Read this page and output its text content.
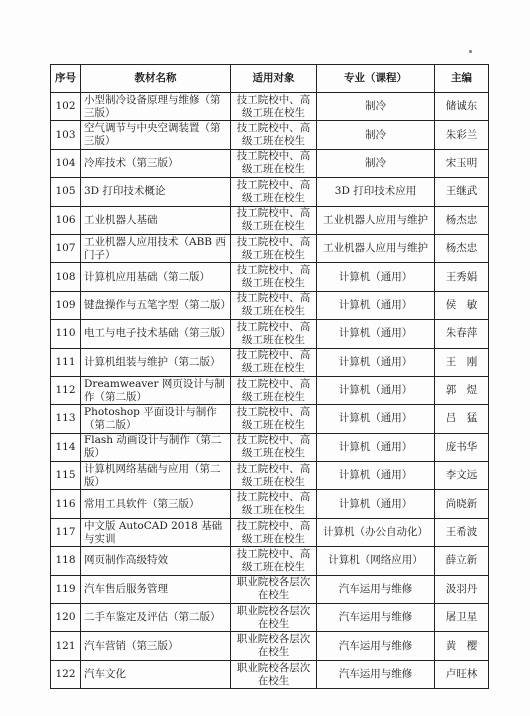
序号	教材名称	适用对象	专业（课程）	主编
102	小型制冷设备原理与维修（第三版）	技工院校中、高级工班在校生	制冷	储诚东
103	空气调节与中央空调装置（第三版）	技工院校中、高级工班在校生	制冷	朱彩兰
104	冷库技术（第三版）	技工院校中、高级工班在校生	制冷	宋玉明
105	3D 打印技术概论	技工院校中、高级工班在校生	3D 打印技术应用	王继武
106	工业机器人基础	技工院校中、高级工班在校生	工业机器人应用与维护	杨杰忠
107	工业机器人应用技术（ABB 西门子）	技工院校中、高级工班在校生	工业机器人应用与维护	杨杰忠
108	计算机应用基础（第二版）	技工院校中、高级工班在校生	计算机（通用）	王秀娟
109	键盘操作与五笔字型（第二版）	技工院校中、高级工班在校生	计算机（通用）	侯　敏
110	电工与电子技术基础（第三版）	技工院校中、高级工班在校生	计算机（通用）	朱春萍
111	计算机组装与维护（第二版）	技工院校中、高级工班在校生	计算机（通用）	王　刚
112	Dreamweaver 网页设计与制作（第二版）	技工院校中、高级工班在校生	计算机（通用）	郭　煜
113	Photoshop 平面设计与制作（第二版）	技工院校中、高级工班在校生	计算机（通用）	吕　猛
114	Flash 动画设计与制作（第二版）	技工院校中、高级工班在校生	计算机（通用）	庞书华
115	计算机网络基础与应用（第二版）	技工院校中、高级工班在校生	计算机（通用）	李文远
116	常用工具软件（第三版）	技工院校中、高级工班在校生	计算机（通用）	尚晓新
117	中文版 AutoCAD 2018 基础与实训	技工院校中、高级工班在校生	计算机（办公自动化）	王希波
118	网页制作高级特效	技工院校中、高级工班在校生	计算机（网络应用）	薛立新
119	汽车售后服务管理	职业院校各层次在校生	汽车运用与维修	汲羽丹
120	二手车鉴定及评估（第二版）	职业院校各层次在校生	汽车运用与维修	屠卫星
121	汽车营销（第三版）	职业院校各层次在校生	汽车运用与维修	黄　樱
122	汽车文化	职业院校各层次在校生	汽车运用与维修	卢旺林
